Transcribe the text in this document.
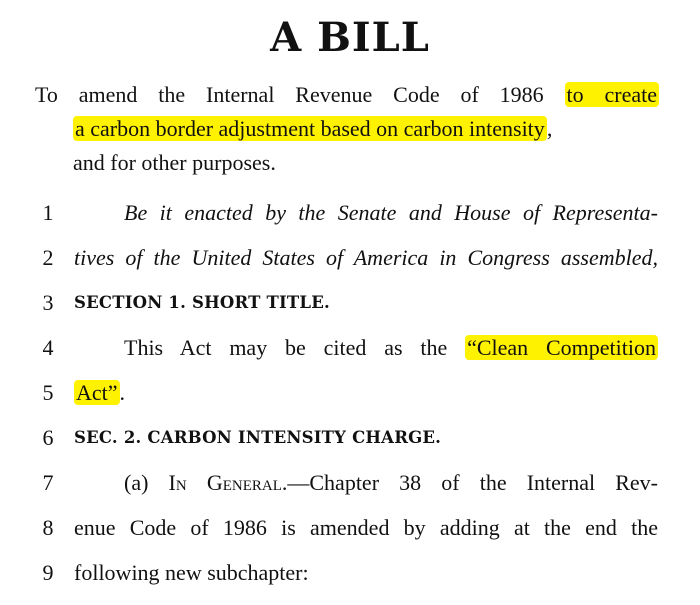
A BILL
To amend the Internal Revenue Code of 1986 to create
a carbon border adjustment based on carbon intensity,
and for other purposes.
1	Be it enacted by the Senate and House of Representa-
2 tives of the United States of America in Congress assembled,
3 SECTION 1. SHORT TITLE.
4	This Act may be cited as the “Clean Competition
5 Act”.
6 SEC. 2. CARBON INTENSITY CHARGE.
7	(a) In General.—Chapter 38 of the Internal Rev-
8 enue Code of 1986 is amended by adding at the end the
9 following new subchapter:
